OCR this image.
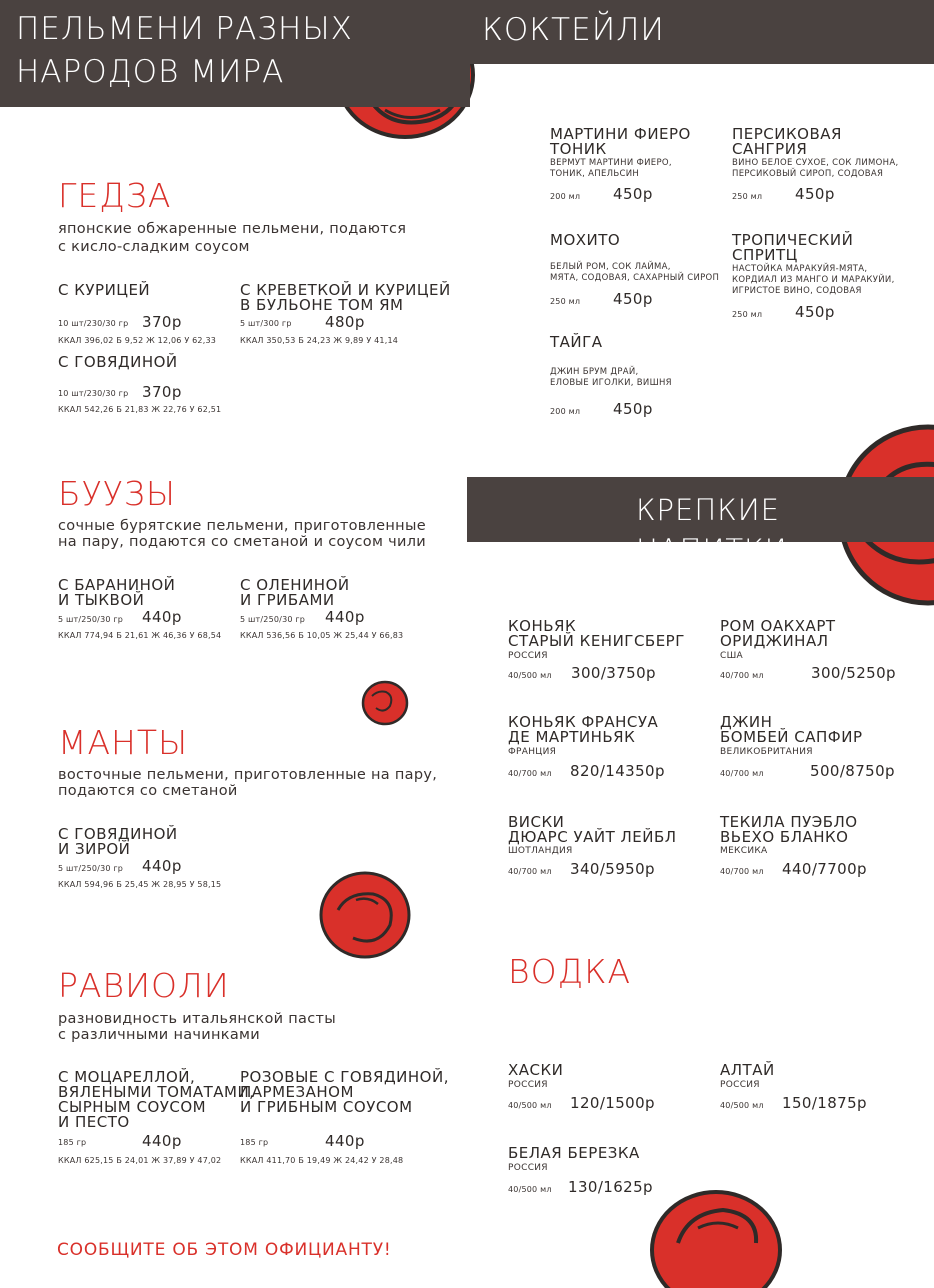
ПЕЛЬМЕНИ РАЗНЫХ
НАРОДОВ МИРА
КОКТЕЙЛИ
ГЕДЗА
японские обжаренные пельмени, подаются
с кисло-сладким соусом
С КУРИЦЕЙ
10 шт/230/30 гр 370р
ККАЛ 396,02 Б 9,52 Ж 12,06 У 62,33
С КРЕВЕТКОЙ И КУРИЦЕЙ
В БУЛЬОНЕ ТОМ ЯМ
5 шт/300 гр 480р
ККАЛ 350,53 Б 24,23 Ж 9,89 У 41,14
С ГОВЯДИНОЙ
10 шт/230/30 гр 370р
ККАЛ 542,26 Б 21,83 Ж 22,76 У 62,51
БУУЗЫ
сочные бурятские пельмени, приготовленные
на пару, подаются со сметаной и соусом чили
С БАРАНИНОЙ
И ТЫКВОЙ
5 шт/250/30 гр 440р
ККАЛ 774,94 Б 21,61 Ж 46,36 У 68,54
С ОЛЕНИНОЙ
И ГРИБАМИ
5 шт/250/30 гр 440р
ККАЛ 536,56 Б 10,05 Ж 25,44 У 66,83
МАНТЫ
восточные пельмени, приготовленные на пару,
подаются со сметаной
С ГОВЯДИНОЙ
И ЗИРОЙ
5 шт/250/30 гр 440р
ККАЛ 594,96 Б 25,45 Ж 28,95 У 58,15
РАВИОЛИ
разновидность итальянской пасты
с различными начинками
С МОЦАРЕЛЛОЙ,
ВЯЛЕНЫМИ ТОМАТАМИ,
СЫРНЫМ СОУСОМ
И ПЕСТО
185 гр	440р
ККАЛ 625,15 Б 24,01 Ж 37,89 У 47,02
РОЗОВЫЕ С ГОВЯДИНОЙ,
ПАРМЕЗАНОМ
И ГРИБНЫМ СОУСОМ
185 гр	440р
ККАЛ 411,70 Б 19,49 Ж 24,42 У 28,48
СООБЩИТЕ ОБ ЭТОМ ОФИЦИАНТУ!
МАРТИНИ ФИЕРО
ТОНИК
ВЕРМУТ МАРТИНИ ФИЕРО,
ТОНИК, АПЕЛЬСИН
200 мл 450р
ПЕРСИКОВАЯ
САНГРИЯ
ВИНО БЕЛОЕ СУХОЕ, СОК ЛИМОНА,
ПЕРСИКОВЫЙ СИРОП, СОДОВАЯ
250 мл 450р
МОХИТО
БЕЛЫЙ РОМ, СОК ЛАЙМА,
МЯТА, СОДОВАЯ, САХАРНЫЙ СИРОП
250 мл 450р
ТРОПИЧЕСКИЙ
СПРИТЦ
НАСТОЙКА МАРАКУЙЯ-МЯТА,
КОРДИАЛ ИЗ МАНГО И МАРАКУЙИ,
ИГРИСТОЕ ВИНО, СОДОВАЯ
250 мл 450р
ТАЙГА
ДЖИН БРУМ ДРАЙ,
ЕЛОВЫЕ ИГОЛКИ, ВИШНЯ
200 мл 450р
КРЕПКИЕ НАПИТКИ
КОНЬЯК
СТАРЫЙ КЕНИГСБЕРГ
РОССИЯ
40/500 мл 300/3750р
РОМ ОАКХАРТ
ОРИДЖИНАЛ
США
40/700 мл	300/5250р
КОНЬЯК ФРАНСУА
ДЕ МАРТИНЬЯК
ФРАНЦИЯ
40/700 мл 820/14350р
ДЖИН
БОМБЕЙ САПФИР
ВЕЛИКОБРИТАНИЯ
40/700 мл	500/8750р
ВИСКИ
ДЮАРС УАЙТ ЛЕЙБЛ
ШОТЛАНДИЯ
40/700 мл 340/5950р
ТЕКИЛА ПУЭБЛО
ВЬЕХО БЛАНКО
МЕКСИКА
40/700 мл 440/7700р
ВОДКА
ХАСКИ
РОССИЯ
40/500 мл 120/1500р
АЛТАЙ
РОССИЯ
40/500 мл 150/1875р
БЕЛАЯ БЕРЕЗКА
РОССИЯ
40/500 мл 130/1625р
